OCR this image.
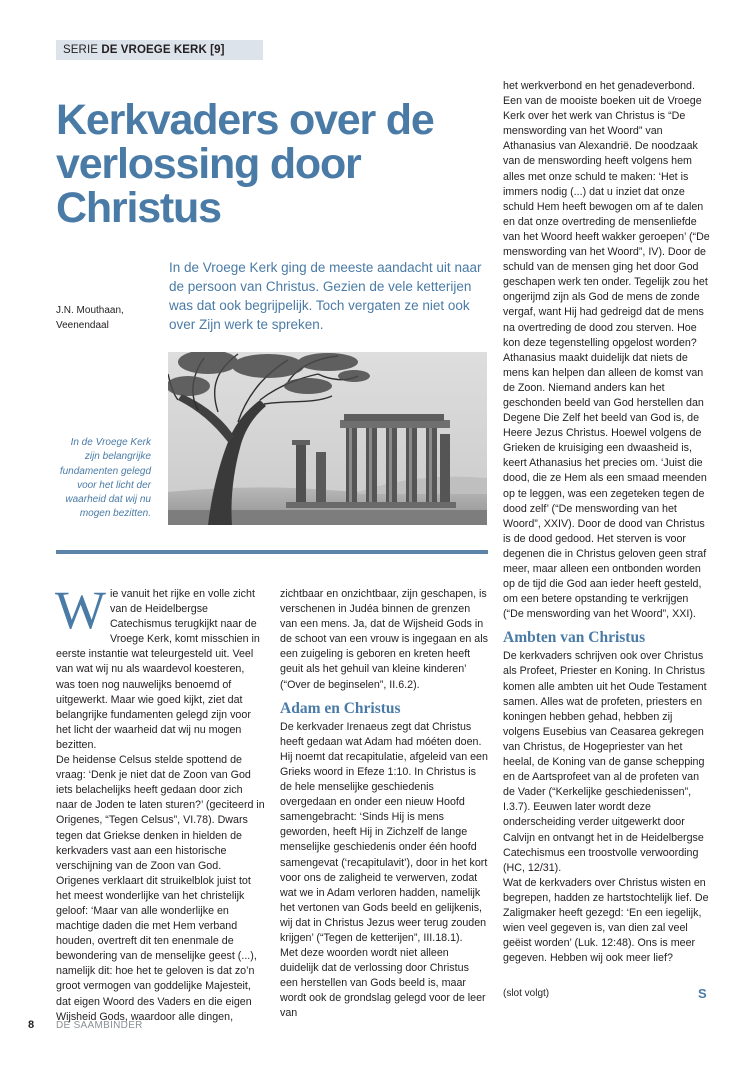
SERIE DE VROEGE KERK [9]
Kerkvaders over de verlossing door Christus

In de Vroege Kerk ging de meeste aandacht uit naar de persoon van Christus. Gezien de vele ketterijen was dat ook begrijpelijk. Toch vergaten ze niet ook over Zijn werk te spreken.

J.N. Mouthaan,
Veenendaal

In de Vroege Kerk zijn belangrijke fundamenten gelegd voor het licht der waarheid dat wij nu mogen bezitten.

Wie vanuit het rijke en volle zicht van de Heidelbergse Catechismus terugkijkt naar de Vroege Kerk, komt misschien in eerste instantie wat teleurgesteld uit. Veel van wat wij nu als waardevol koesteren, was toen nog nauwelijks benoemd of uitgewerkt. Maar wie goed kijkt, ziet dat belangrijke fundamenten gelegd zijn voor het licht der waarheid dat wij nu mogen bezitten.

De heidense Celsus stelde spottend de vraag: ‘Denk je niet dat de Zoon van God iets belachelijks heeft gedaan door zich naar de Joden te laten sturen?’ (geciteerd in Origenes, “Tegen Celsus”, VI.78). Dwars tegen dat Griekse denken in hielden de kerkvaders vast aan een historische verschijning van de Zoon van God. Origenes verklaart dit struikelblok juist tot het meest wonderlijke van het christelijk geloof: ‘Maar van alle wonderlijke en machtige daden die met Hem verband houden, overtreft dit ten enenmale de bewondering van de menselijke geest (...), namelijk dit: hoe het te geloven is dat zo’n groot vermogen van goddelijke Majesteit, dat eigen Woord des Vaders en die eigen Wijsheid Gods, waardoor alle dingen,

zichtbaar en onzichtbaar, zijn geschapen, is verschenen in Judéa binnen de grenzen van een mens. Ja, dat de Wijsheid Gods in de schoot van een vrouw is ingegaan en als een zuigeling is geboren en kreten heeft geuit als het gehuil van kleine kinderen’ (“Over de beginselen”, II.6.2).

Adam en Christus

De kerkvader Irenaeus zegt dat Christus heeft gedaan wat Adam had móéten doen. Hij noemt dat recapitulatie, afgeleid van een Grieks woord in Efeze 1:10. In Christus is de hele menselijke geschiedenis overgedaan en onder een nieuw Hoofd samengebracht: ‘Sinds Hij is mens geworden, heeft Hij in Zichzelf de lange menselijke geschiedenis onder één hoofd samengevat (‘recapitulavit’), door in het kort voor ons de zaligheid te verwerven, zodat wat we in Adam verloren hadden, namelijk het vertonen van Gods beeld en gelijkenis, wij dat in Christus Jezus weer terug zouden krijgen’ (“Tegen de ketterijen”, III.18.1).

Met deze woorden wordt niet alleen duidelijk dat de verlossing door Christus een herstellen van Gods beeld is, maar wordt ook de grondslag gelegd voor de leer van

het werkverbond en het genadeverbond. Een van de mooiste boeken uit de Vroege Kerk over het werk van Christus is “De menswording van het Woord” van Athanasius van Alexandrië. De noodzaak van de menswording heeft volgens hem alles met onze schuld te maken: ‘Het is immers nodig (...) dat u inziet dat onze schuld Hem heeft bewogen om af te dalen en dat onze overtreding de mensenliefde van het Woord heeft wakker geroepen’ (“De menswording van het Woord”, IV). Door de schuld van de mensen ging het door God geschapen werk ten onder. Tegelijk zou het ongerijmd zijn als God de mens de zonde vergaf, want Hij had gedreigd dat de mens na overtreding de dood zou sterven. Hoe kon deze tegenstelling opgelost worden?

Athanasius maakt duidelijk dat niets de mens kan helpen dan alleen de komst van de Zoon. Niemand anders kan het geschonden beeld van God herstellen dan Degene Die Zelf het beeld van God is, de Heere Jezus Christus. Hoewel volgens de Grieken de kruisiging een dwaasheid is, keert Athanasius het precies om. ‘Juist die dood, die ze Hem als een smaad meenden op te leggen, was een zegeteken tegen de dood zelf’ (“De menswording van het Woord”, XXIV). Door de dood van Christus is de dood gedood. Het sterven is voor degenen die in Christus geloven geen straf meer, maar alleen een ontbonden worden op de tijd die God aan ieder heeft gesteld, om een betere opstanding te verkrijgen (“De menswording van het Woord”, XXI).

Ambten van Christus

De kerkvaders schrijven ook over Christus als Profeet, Priester en Koning. In Christus komen alle ambten uit het Oude Testament samen. Alles wat de profeten, priesters en koningen hebben gehad, hebben zij volgens Eusebius van Ceasarea gekregen van Christus, de Hogepriester van het heelal, de Koning van de ganse schepping en de Aartsprofeet van al de profeten van de Vader (“Kerkelijke geschiedenissen”, I.3.7). Eeuwen later wordt deze onderscheiding verder uitgewerkt door Calvijn en ontvangt het in de Heidelbergse Catechismus een troostvolle verwoording (HC, 12/31).

Wat de kerkvaders over Christus wisten en begrepen, hadden ze hartstochtelijk lief. De Zaligmaker heeft gezegd: ‘En een iegelijk, wien veel gegeven is, van dien zal veel geëist worden’ (Luk. 12:48). Ons is meer gegeven. Hebben wij ook meer lief?

(slot volgt)	S
8 DE SAAMBINDER
